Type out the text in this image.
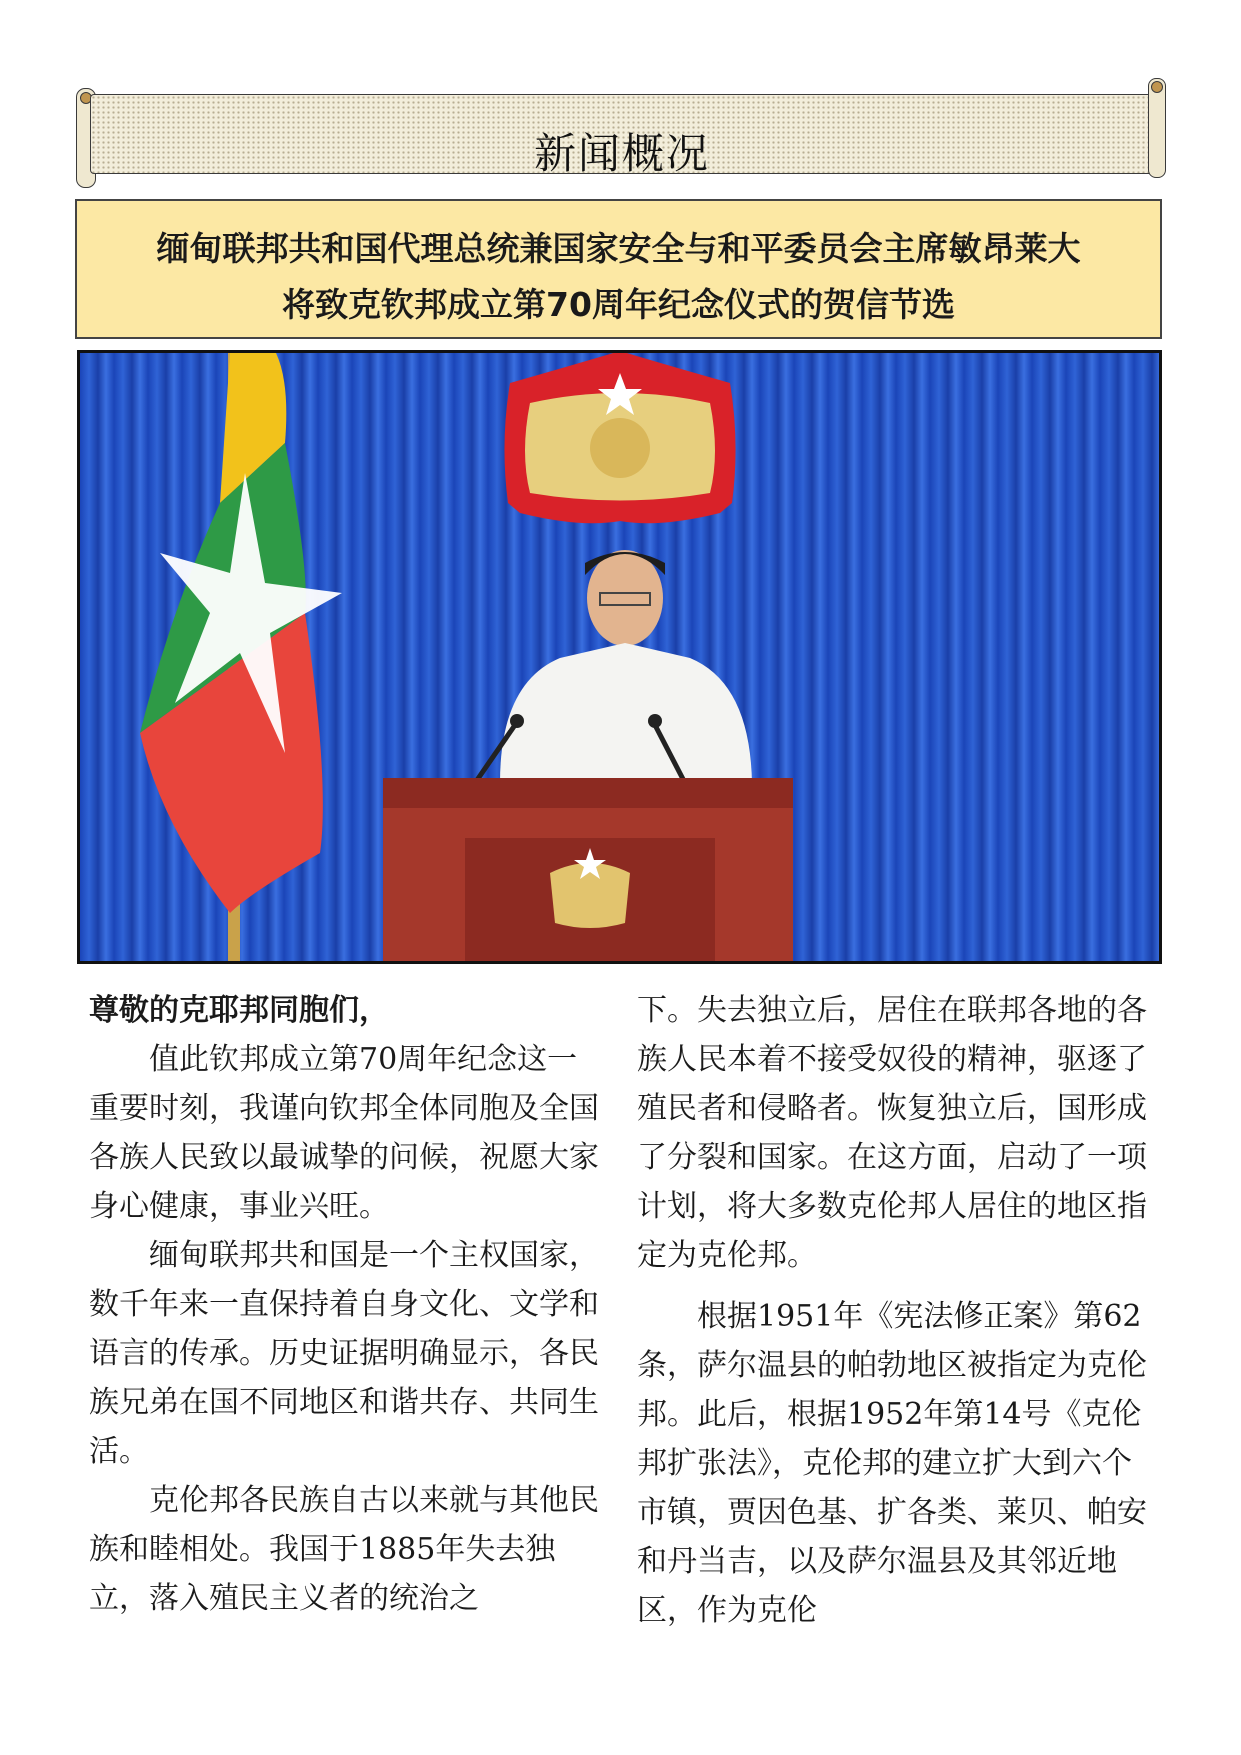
新闻概况
缅甸联邦共和国代理总统兼国家安全与和平委员会主席敏昂莱大
将致克钦邦成立第70周年纪念仪式的贺信节选

尊敬的克耶邦同胞们，

值此钦邦成立第70周年纪念这一重要时刻，我谨向钦邦全体同胞及全国各族人民致以最诚挚的问候，祝愿大家身心健康，事业兴旺。

缅甸联邦共和国是一个主权国家，数千年来一直保持着自身文化、文学和语言的传承。历史证据明确显示，各民族兄弟在国不同地区和谐共存、共同生活。

克伦邦各民族自古以来就与其他民族和睦相处。我国于1885年失去独立，落入殖民主义者的统治之

下。失去独立后，居住在联邦各地的各族人民本着不接受奴役的精神，驱逐了殖民者和侵略者。恢复独立后，国形成了分裂和国家。在这方面，启动了一项计划，将大多数克伦邦人居住的地区指定为克伦邦。

根据1951年《宪法修正案》第62条，萨尔温县的帕勃地区被指定为克伦邦。此后，根据1952年第14号《克伦邦扩张法》，克伦邦的建立扩大到六个市镇，贾因色基、扩各类、莱贝、帕安和丹当吉，以及萨尔温县及其邻近地区，作为克伦
